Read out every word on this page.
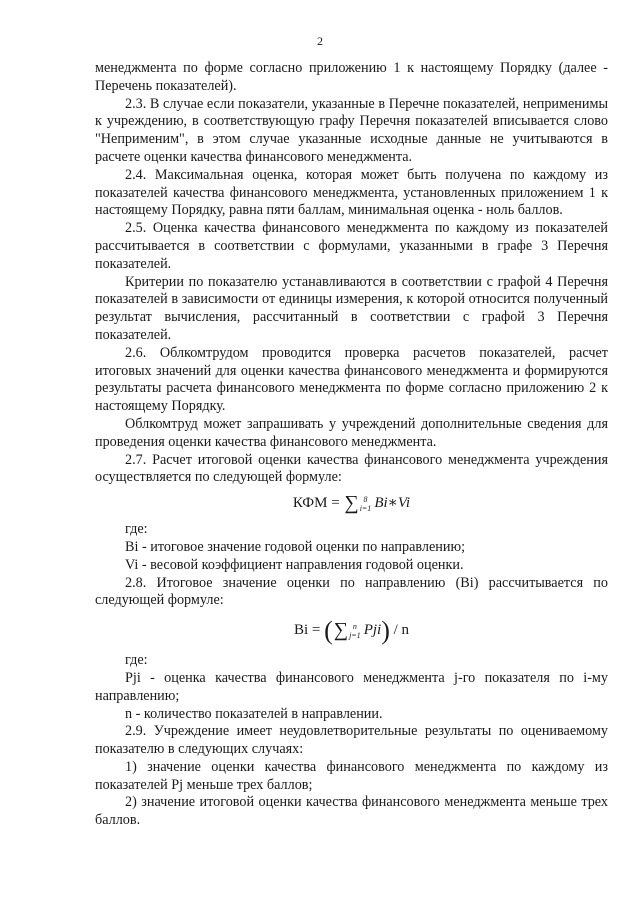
2

менеджмента по форме согласно приложению 1 к настоящему Порядку (далее - Перечень показателей).

2.3. В случае если показатели, указанные в Перечне показателей, неприменимы к учреждению, в соответствующую графу Перечня показателей вписывается слово "Неприменим", в этом случае указанные исходные данные не учитываются в расчете оценки качества финансового менеджмента.

2.4. Максимальная оценка, которая может быть получена по каждому из показателей качества финансового менеджмента, установленных приложением 1 к настоящему Порядку, равна пяти баллам, минимальная оценка - ноль баллов.

2.5. Оценка качества финансового менеджмента по каждому из показателей рассчитывается в соответствии с формулами, указанными в графе 3 Перечня показателей.

Критерии по показателю устанавливаются в соответствии с графой 4 Перечня показателей в зависимости от единицы измерения, к которой относится полученный результат вычисления, рассчитанный в соответствии с графой 3 Перечня показателей.

2.6. Облкомтрудом проводится проверка расчетов показателей, расчет итоговых значений для оценки качества финансового менеджмента и формируются результаты расчета финансового менеджмента по форме согласно приложению 2 к настоящему Порядку.

Облкомтруд может запрашивать у учреждений дополнительные сведения для проведения оценки качества финансового менеджмента.

2.7. Расчет итоговой оценки качества финансового менеджмента учреждения осуществляется по следующей формуле:

КФМ
=
∑ 8
i=1 Bi ∗ Vi

где:

Bi - итоговое значение годовой оценки по направлению;

Vi - весовой коэффициент направления годовой оценки.

2.8. Итоговое значение оценки по направлению (Bi) рассчитывается по следующей формуле:

Bi
=
( ∑ n
j=1 Pji )
/
n

где:

Pji - оценка качества финансового менеджмента j-го показателя по i-му направлению;

n - количество показателей в направлении.

2.9. Учреждение имеет неудовлетворительные результаты по оцениваемому показателю в следующих случаях:

1) значение оценки качества финансового менеджмента по каждому из показателей Pj меньше трех баллов;

2) значение итоговой оценки качества финансового менеджмента меньше трех баллов.
